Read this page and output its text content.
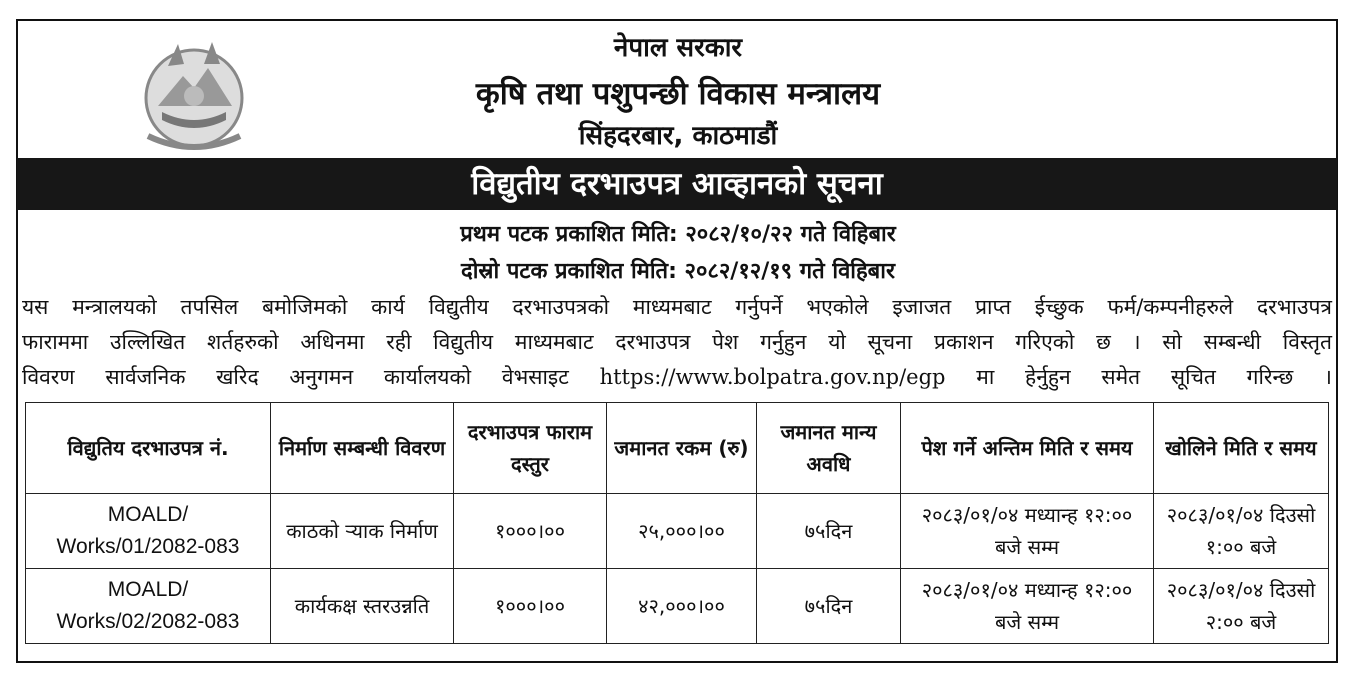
नेपाल सरकार
कृषि तथा पशुपन्छी विकास मन्त्रालय
सिंहदरबार, काठमाडौं
विद्युतीय दरभाउपत्र आव्हानको सूचना
प्रथम पटक प्रकाशित मिति: २०८२/१०/२२ गते विहिबार
दोस्रो पटक प्रकाशित मिति: २०८२/१२/१९ गते विहिबार
यस मन्त्रालयको तपसिल बमोजिमको कार्य विद्युतीय दरभाउपत्रको माध्यमबाट गर्नुपर्ने भएकोले इजाजत प्राप्त ईच्छुक फर्म/कम्पनीहरुले दरभाउपत्र
फाराममा उल्लिखित शर्तहरुको अधिनमा रही विद्युतीय माध्यमबाट दरभाउपत्र पेश गर्नुहुन यो सूचना प्रकाशन गरिएको छ । सो सम्बन्धी विस्तृत
विवरण सार्वजनिक खरिद अनुगमन कार्यालयको वेभसाइट https://www.bolpatra.gov.np/egp मा हेर्नुहुन समेत सूचित गरिन्छ ।
विद्युतिय दरभाउपत्र नं.	निर्माण सम्बन्धी विवरण	दरभाउपत्र फाराम दस्तुर	जमानत रकम (रु)	जमानत मान्य अवधि	पेश गर्ने अन्तिम मिति र समय	खोलिने मिति र समय
MOALD/ Works/01/2082-083	काठको र्‍याक निर्माण	१०००।००	२५,०००।००	७५दिन	२०८३/०१/०४ मध्यान्ह १२:०० बजे सम्म	२०८३/०१/०४ दिउसो १:०० बजे
MOALD/ Works/02/2082-083	कार्यकक्ष स्तरउन्नति	१०००।००	४२,०००।००	७५दिन	२०८३/०१/०४ मध्यान्ह १२:०० बजे सम्म	२०८३/०१/०४ दिउसो २:०० बजे
